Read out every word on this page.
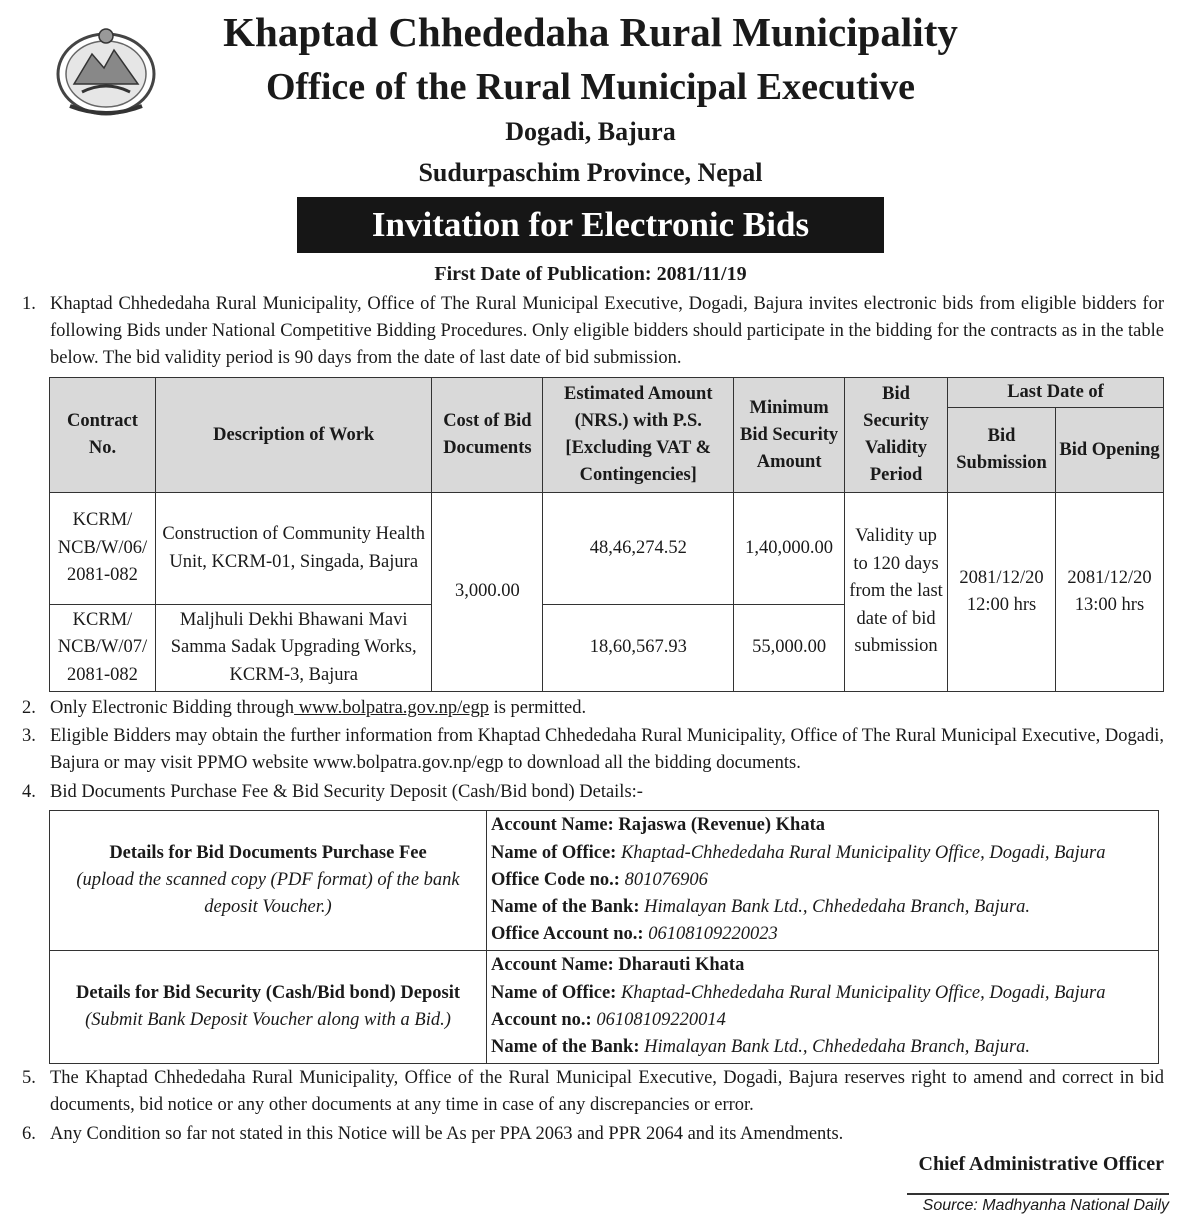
Khaptad Chhededaha Rural Municipality
Office of the Rural Municipal Executive
Dogadi, Bajura
Sudurpaschim Province, Nepal
Invitation for Electronic Bids
First Date of Publication: 2081/11/19
1. Khaptad Chhededaha Rural Municipality, Office of The Rural Municipal Executive, Dogadi, Bajura invites electronic bids from eligible bidders for following Bids under National Competitive Bidding Procedures. Only eligible bidders should participate in the bidding for the contracts as in the table below. The bid validity period is 90 days from the date of last date of bid submission.
Contract No.	Description of Work	Cost of Bid Documents	Estimated Amount (NRS.) with P.S.[Excluding VAT & Contingencies]	Minimum Bid Security Amount	Bid Security Validity Period	Last Date of	
						Bid Submission	Bid Opening
KCRM/ NCB/W/06/ 2081-082	Construction of Community Health Unit, KCRM-01, Singada, Bajura	3,000.00	48,46,274.52	1,40,000.00	Validity up to 120 days from the last date of bid submission	2081/12/20 12:00 hrs	2081/12/20 13:00 hrs
KCRM/ NCB/W/07/ 2081-082	Maljhuli Dekhi Bhawani Mavi Samma Sadak Upgrading Works, KCRM-3, Bajura		18,60,567.93	55,000.00			
2. Only Electronic Bidding through www.bolpatra.gov.np/egp is permitted.
3. Eligible Bidders may obtain the further information from Khaptad Chhededaha Rural Municipality, Office of The Rural Municipal Executive, Dogadi, Bajura or may visit PPMO website www.bolpatra.gov.np/egp to download all the bidding documents.
4. Bid Documents Purchase Fee & Bid Security Deposit (Cash/Bid bond) Details:-
Details for Bid Documents Purchase Fee
(upload the scanned copy (PDF format) of the bank deposit Voucher.)	Account Name: Rajaswa (Revenue) Khata
Name of Office: Khaptad-Chhededaha Rural Municipality Office, Dogadi, Bajura
Office Code no.: 801076906
Name of the Bank: Himalayan Bank Ltd., Chhededaha Branch, Bajura.
Office Account no.: 06108109220023

Details for Bid Security (Cash/Bid bond) Deposit
(Submit Bank Deposit Voucher along with a Bid.)	Account Name: Dharauti Khata
Name of Office: Khaptad-Chhededaha Rural Municipality Office, Dogadi, Bajura
Account no.: 06108109220014
Name of the Bank: Himalayan Bank Ltd., Chhededaha Branch, Bajura.
5. The Khaptad Chhededaha Rural Municipality, Office of the Rural Municipal Executive, Dogadi, Bajura reserves right to amend and correct in bid documents, bid notice or any other documents at any time in case of any discrepancies or error.
6. Any Condition so far not stated in this Notice will be As per PPA 2063 and PPR 2064 and its Amendments.
Chief Administrative Officer
Source: Madhyanha National Daily
